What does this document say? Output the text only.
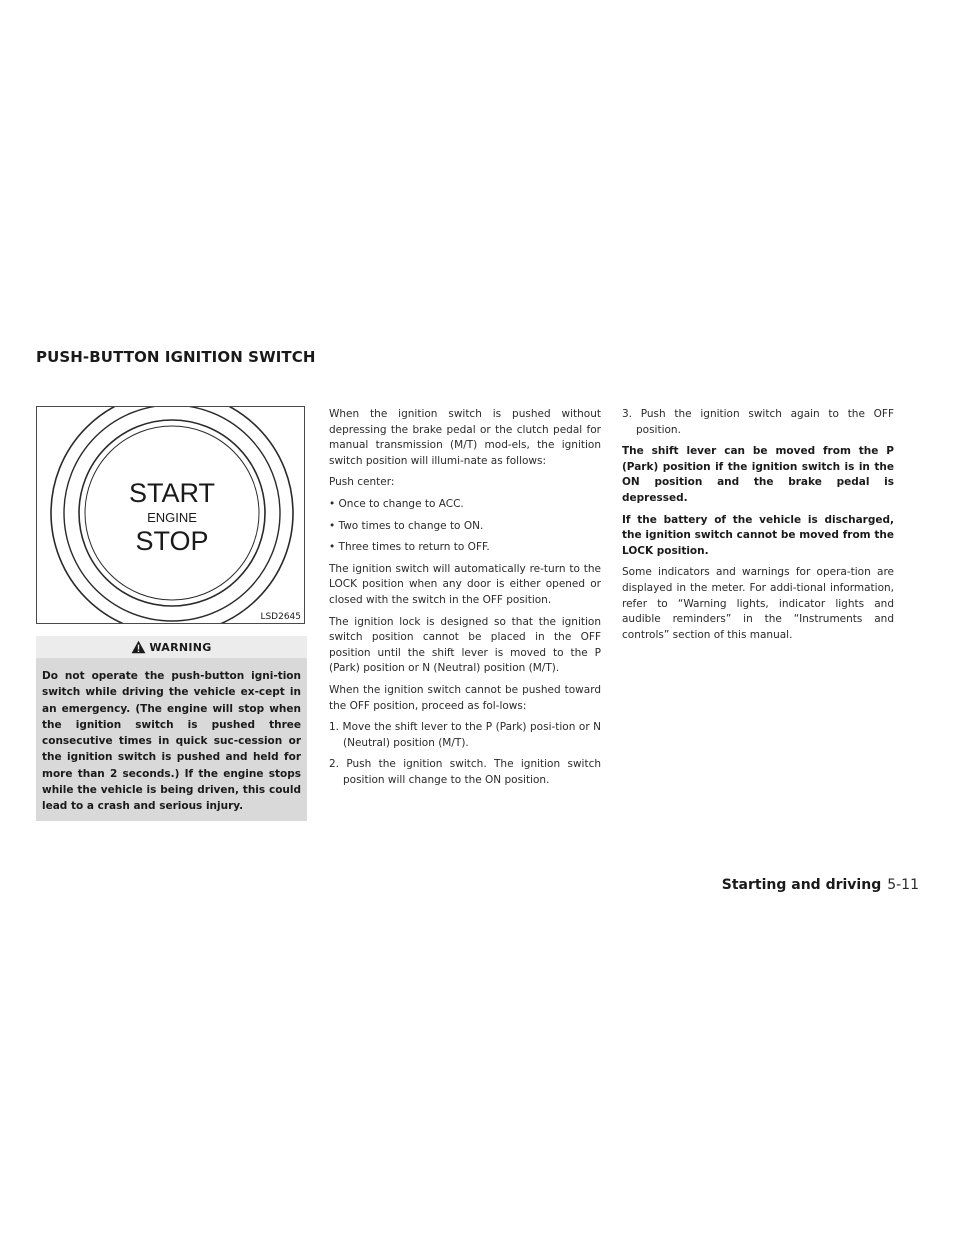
PUSH-BUTTON IGNITION SWITCH
START
ENGINE
STOP
LSD2645
WARNING

Do not operate the push-button igni-tion switch while driving the vehicle ex-cept in an emergency. (The engine will stop when the ignition switch is pushed three consecutive times in quick suc-cession or the ignition switch is pushed and held for more than 2 seconds.) If the engine stops while the vehicle is being driven, this could lead to a crash and serious injury.

When the ignition switch is pushed without depressing the brake pedal or the clutch pedal for manual transmission (M/T) mod-els, the ignition switch position will illumi-nate as follows:

Push center:

• Once to change to ACC.
• Two times to change to ON.
• Three times to return to OFF.

The ignition switch will automatically re-turn to the LOCK position when any door is either opened or closed with the switch in the OFF position.

The ignition lock is designed so that the ignition switch position cannot be placed in the OFF position until the shift lever is moved to the P (Park) position or N (Neutral) position (M/T).

When the ignition switch cannot be pushed toward the OFF position, proceed as fol-lows:

1. Move the shift lever to the P (Park) posi-tion or N (Neutral) position (M/T).
2. Push the ignition switch. The ignition switch position will change to the ON position.
3. Push the ignition switch again to the OFF position.

The shift lever can be moved from the P (Park) position if the ignition switch is in the ON position and the brake pedal is depressed.

If the battery of the vehicle is discharged, the ignition switch cannot be moved from the LOCK position.

Some indicators and warnings for opera-tion are displayed in the meter. For addi-tional information, refer to “Warning lights, indicator lights and audible reminders” in the “Instruments and controls” section of this manual.

Starting and driving 5-11
